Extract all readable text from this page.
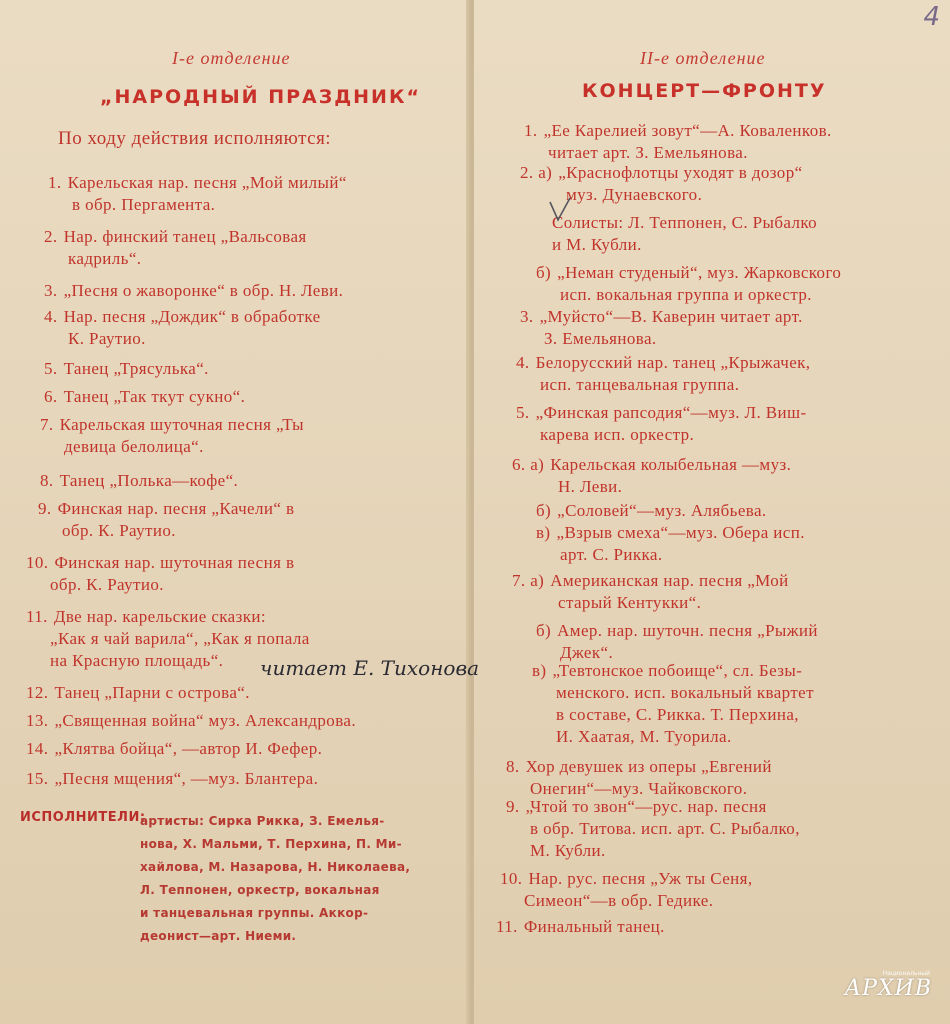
4
I-е отделение
„НАРОДНЫЙ ПРАЗДНИК“
По ходу действия исполняются:
1. Карельская нар. песня „Мой милый“
в обр. Пергамента.
2. Нар. финский танец „Вальсовая
кадриль“.
3. „Песня о жаворонке“ в обр. Н. Леви.
4. Нар. песня „Дождик“ в обработке
К. Раутио.
5. Танец „Трясулька“.
6. Танец „Так ткут сукно“.
7. Карельская шуточная песня „Ты
девица белолица“.
8. Танец „Полька—кофе“.
9. Финская нар. песня „Качели“ в
обр. К. Раутио.
10. Финская нар. шуточная песня в
обр. К. Раутио.
11. Две нар. карельские сказки:
„Как я чай варила“, „Как я попала
на Красную площадь“.
12. Танец „Парни с острова“.
13. „Священная война“ муз. Александрова.
14. „Клятва бойца“, —автор И. Фефер.
15. „Песня мщения“, —муз. Блантера.
читает Е. Тихонова
ИСПОЛНИТЕЛИ:
артисты: Сирка Рикка, З. Емелья-
нова, Х. Мальми, Т. Перхина, П. Ми-
хайлова, М. Назарова, Н. Николаева,
Л. Теппонен, оркестр, вокальная
и танцевальная группы. Аккор-
деонист—арт. Ниеми.
II-е отделение
КОНЦЕРТ—ФРОНТУ
1. „Ее Карелией зовут“—А. Коваленков.
читает арт. З. Емельянова.
2. а) „Краснофлотцы уходят в дозор“
муз. Дунаевского.
Солисты: Л. Теппонен, С. Рыбалко
и М. Кубли.
б) „Неман студеный“, муз. Жарковского
исп. вокальная группа и оркестр.
3. „Муйсто“—В. Каверин читает арт.
З. Емельянова.
4. Белорусский нар. танец „Крыжачек,
исп. танцевальная группа.
5. „Финская рапсодия“—муз. Л. Виш-
карева исп. оркестр.
6. а) Карельская колыбельная —муз.
Н. Леви.
б) „Соловей“—муз. Алябьева.
в) „Взрыв смеха“—муз. Обера исп.
арт. С. Рикка.
7. а) Американская нар. песня „Мой
старый Кентукки“.
б) Амер. нар. шуточн. песня „Рыжий
Джек“.
в) „Тевтонское побоище“, сл. Безы-
менского. исп. вокальный квартет
в составе, С. Рикка. Т. Перхина,
И. Хаатая, М. Туорила.
8. Хор девушек из оперы „Евгений
Онегин“—муз. Чайковского.
9. „Чтой то звон“—рус. нар. песня
в обр. Титова. исп. арт. С. Рыбалко,
М. Кубли.
10. Нар. рус. песня „Уж ты Сеня,
Симеон“—в обр. Гедике.
11. Финальный танец.
Национальный
АРХИВ
